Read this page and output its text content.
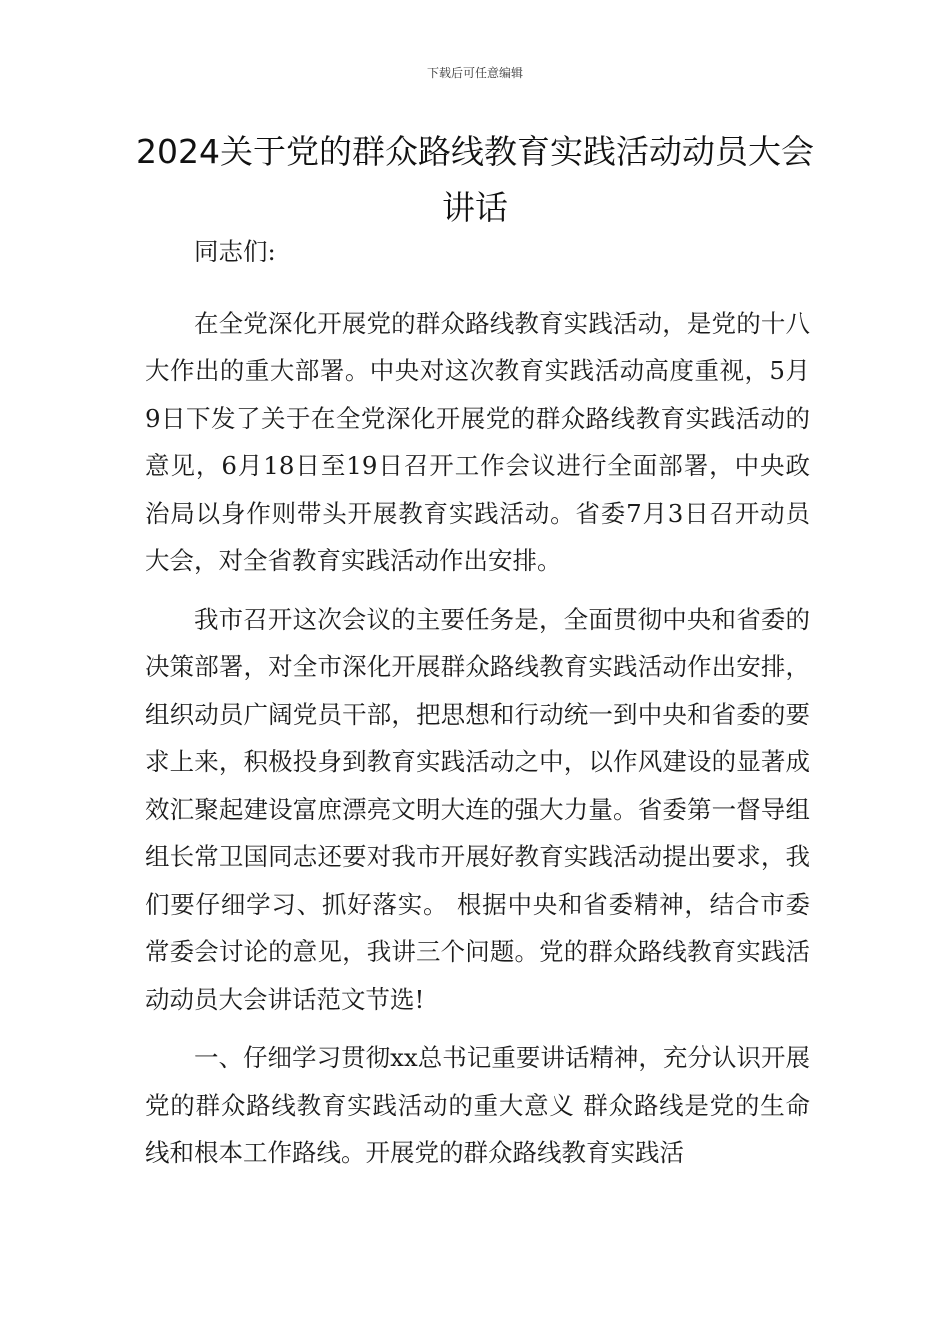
下载后可任意编辑
2024关于党的群众路线教育实践活动动员大会讲话

同志们:

在全党深化开展党的群众路线教育实践活动，是党的十八大作出的重大部署。中央对这次教育实践活动高度重视，5月9日下发了关于在全党深化开展党的群众路线教育实践活动的意见，6月18日至19日召开工作会议进行全面部署，中央政治局以身作则带头开展教育实践活动。省委7月3日召开动员大会，对全省教育实践活动作出安排。

我市召开这次会议的主要任务是，全面贯彻中央和省委的决策部署，对全市深化开展群众路线教育实践活动作出安排，组织动员广阔党员干部，把思想和行动统一到中央和省委的要求上来，积极投身到教育实践活动之中，以作风建设的显著成效汇聚起建设富庶漂亮文明大连的强大力量。省委第一督导组组长常卫国同志还要对我市开展好教育实践活动提出要求，我们要仔细学习、抓好落实。 根据中央和省委精神，结合市委常委会讨论的意见，我讲三个问题。党的群众路线教育实践活动动员大会讲话范文节选!

一、仔细学习贯彻xx总书记重要讲话精神，充分认识开展党的群众路线教育实践活动的重大意义 群众路线是党的生命线和根本工作路线。开展党的群众路线教育实践活
